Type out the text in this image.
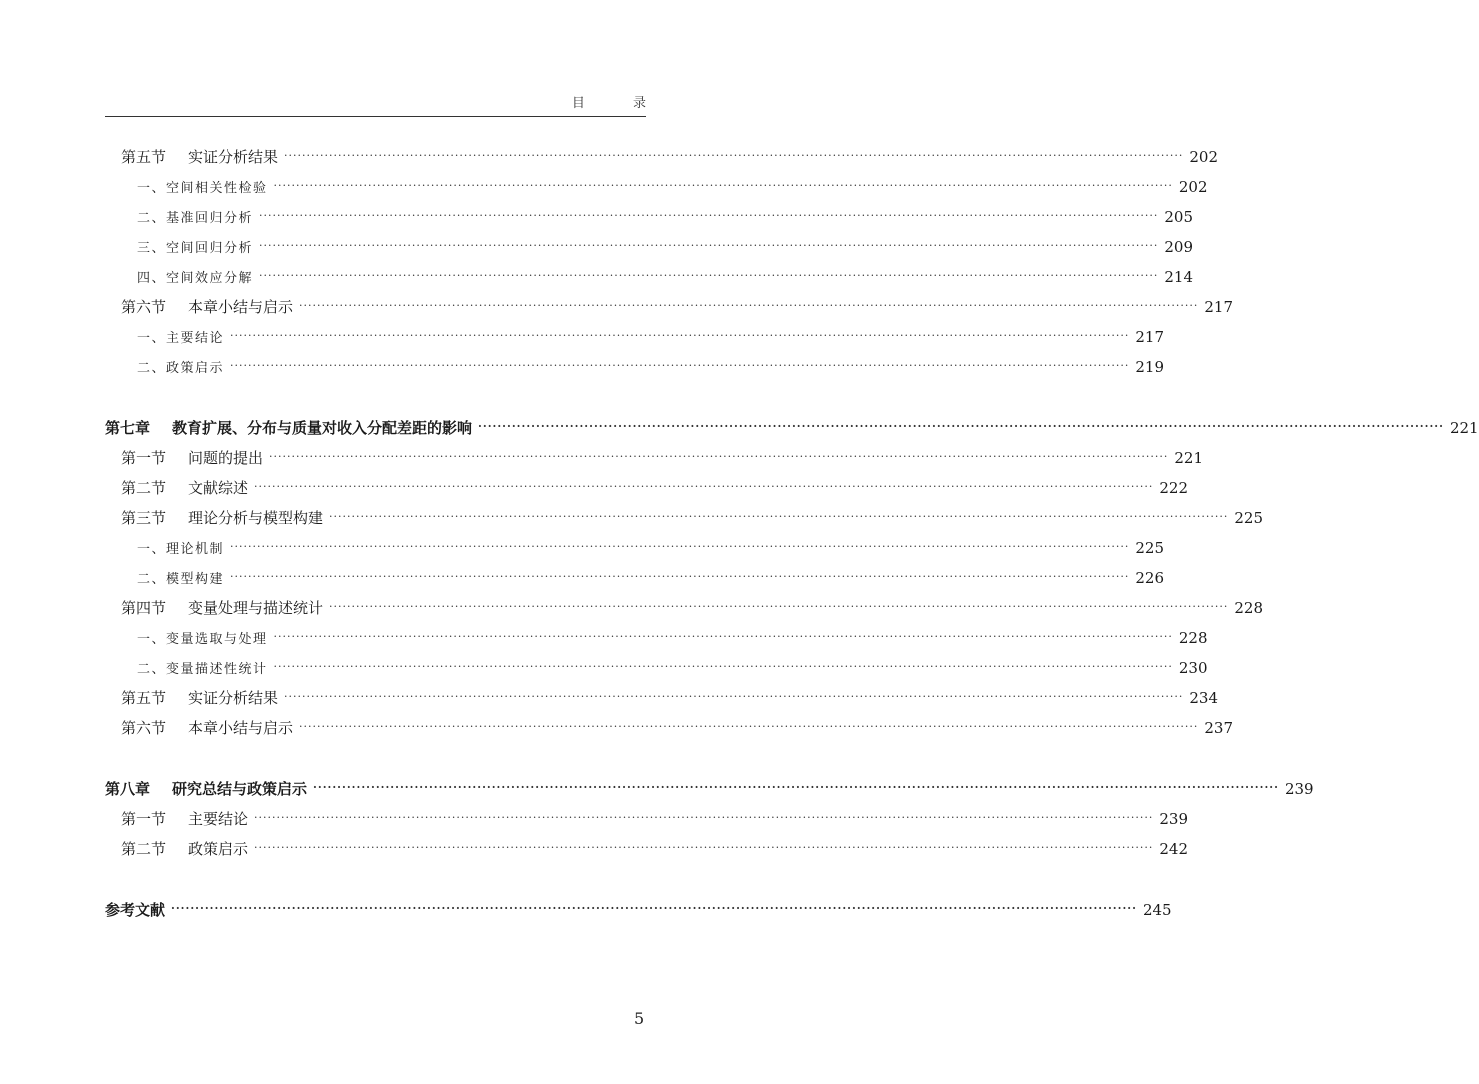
目 录
第五节 实证分析结果 ········································································································································································································ 202
一、 空间相关性检验 ········································································································································································································ 202
二、 基准回归分析 ········································································································································································································ 205
三、 空间回归分析 ········································································································································································································ 209
四、 空间效应分解 ········································································································································································································ 214
第六节 本章小结与启示 ········································································································································································································ 217
一、 主要结论 ········································································································································································································ 217
二、 政策启示 ········································································································································································································ 219
第七章 教育扩展、分布与质量对收入分配差距的影响 ········································································································································································································ 221
第一节 问题的提出 ········································································································································································································ 221
第二节 文献综述 ········································································································································································································ 222
第三节 理论分析与模型构建 ········································································································································································································ 225
一、 理论机制 ········································································································································································································ 225
二、 模型构建 ········································································································································································································ 226
第四节 变量处理与描述统计 ········································································································································································································ 228
一、 变量选取与处理 ········································································································································································································ 228
二、 变量描述性统计 ········································································································································································································ 230
第五节 实证分析结果 ········································································································································································································ 234
第六节 本章小结与启示 ········································································································································································································ 237
第八章 研究总结与政策启示 ········································································································································································································ 239
第一节 主要结论 ········································································································································································································ 239
第二节 政策启示 ········································································································································································································ 242
参考文献 ········································································································································································································ 245
5
